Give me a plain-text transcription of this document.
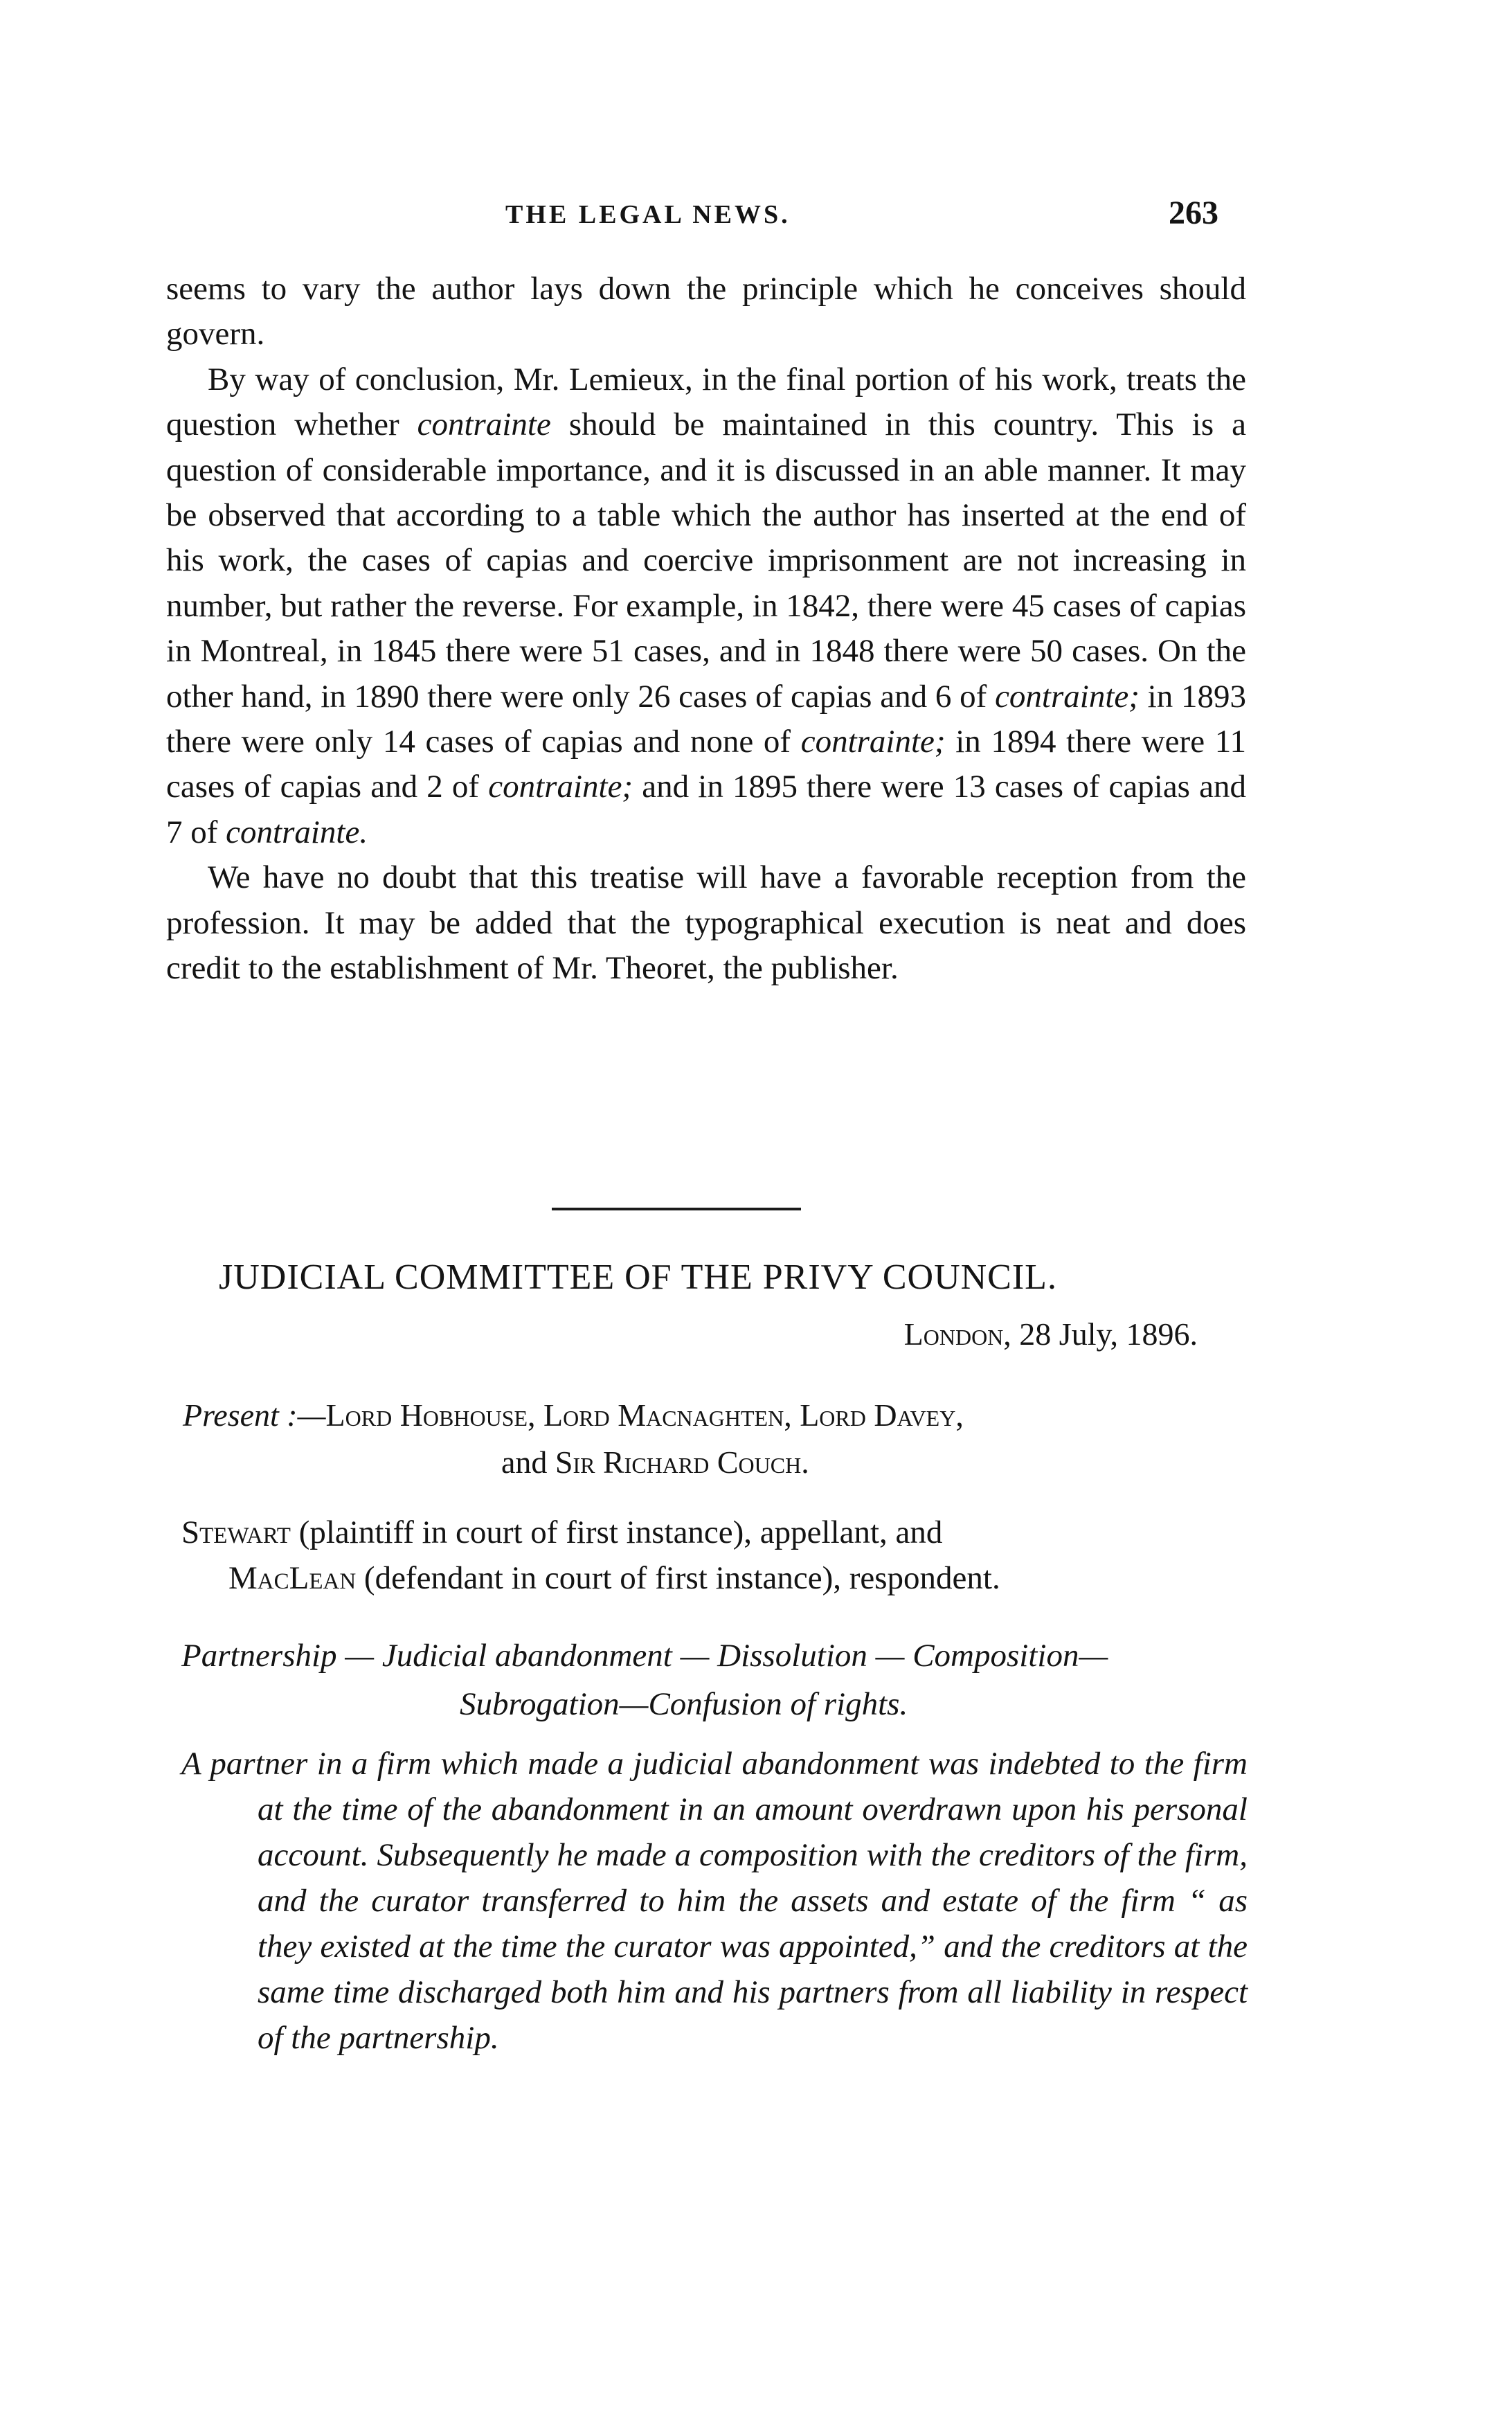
THE LEGAL NEWS.	263

seems to vary the author lays down the principle which he conceives should govern.

By way of conclusion, Mr. Lemieux, in the final portion of his work, treats the question whether contrainte should be maintained in this country. This is a question of considerable importance, and it is discussed in an able manner. It may be observed that according to a table which the author has inserted at the end of his work, the cases of capias and coercive imprisonment are not increasing in number, but rather the reverse. For example, in 1842, there were 45 cases of capias in Montreal, in 1845 there were 51 cases, and in 1848 there were 50 cases. On the other hand, in 1890 there were only 26 cases of capias and 6 of contrainte; in 1893 there were only 14 cases of capias and none of contrainte; in 1894 there were 11 cases of capias and 2 of contrainte; and in 1895 there were 13 cases of capias and 7 of contrainte.

We have no doubt that this treatise will have a favorable reception from the profession. It may be added that the typographical execution is neat and does credit to the establishment of Mr. Theoret, the publisher.

JUDICIAL COMMITTEE OF THE PRIVY COUNCIL.
London, 28 July, 1896.
Present :—Lord Hobhouse, Lord Macnaghten, Lord Davey,
and Sir Richard Couch.
Stewart (plaintiff in court of first instance), appellant, and
MacLean (defendant in court of first instance), respondent.
Partnership — Judicial abandonment — Dissolution — Composition—
Subrogation—Confusion of rights.

A partner in a firm which made a judicial abandonment was indebted to the firm at the time of the abandonment in an amount overdrawn upon his personal account. Subsequently he made a composition with the creditors of the firm, and the curator transferred to him the assets and estate of the firm “ as they existed at the time the curator was appointed,” and the creditors at the same time discharged both him and his partners from all liability in respect of the partnership.
